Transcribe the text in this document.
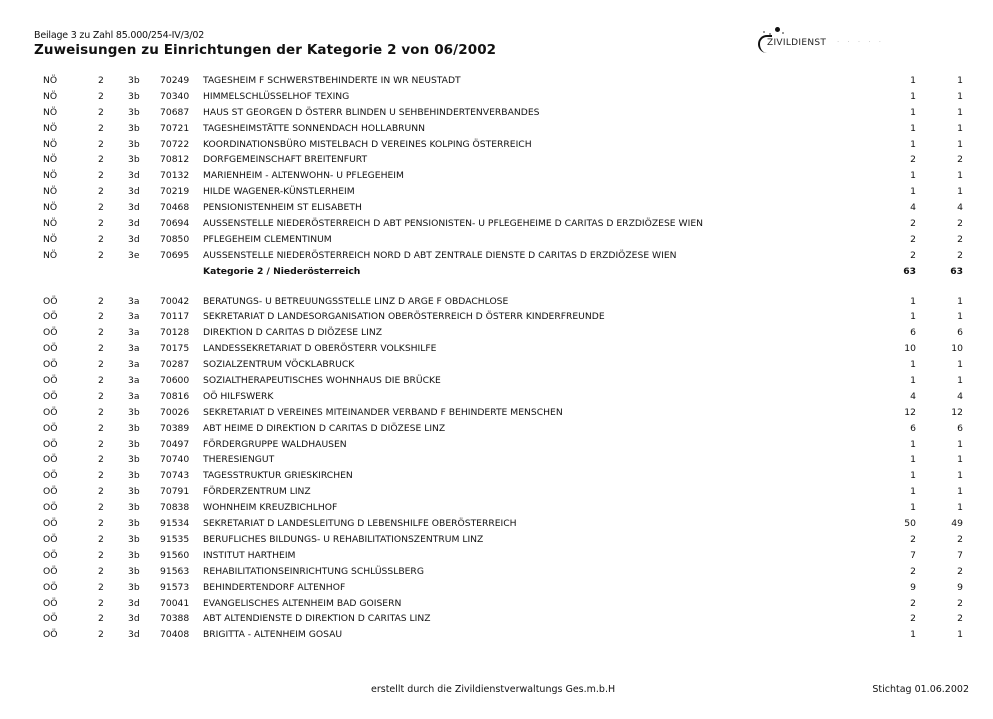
Beilage 3 zu Zahl 85.000/254-IV/3/02
Zuweisungen zu Einrichtungen der Kategorie 2 von 06/2002	ZIVILDIENST · · · · ·
NÖ	2	3b 70249 TAGESHEIM F SCHWERSTBEHINDERTE IN WR NEUSTADT	1	1
NÖ	2	3b 70340 HIMMELSCHLÜSSELHOF TEXING	1	1
NÖ	2	3b 70687 HAUS ST GEORGEN D ÖSTERR BLINDEN U SEHBEHINDERTENVERBANDES	1	1
NÖ	2	3b 70721 TAGESHEIMSTÄTTE SONNENDACH HOLLABRUNN	1	1
NÖ	2	3b 70722 KOORDINATIONSBÜRO MISTELBACH D VEREINES KOLPING ÖSTERREICH	1	1
NÖ	2	3b 70812 DORFGEMEINSCHAFT BREITENFURT	2	2
NÖ	2	3d 70132 MARIENHEIM - ALTENWOHN- U PFLEGEHEIM	1	1
NÖ	2	3d 70219 HILDE WAGENER-KÜNSTLERHEIM	1	1
NÖ	2	3d 70468 PENSIONISTENHEIM ST ELISABETH	4	4
NÖ	2	3d 70694 AUSSENSTELLE NIEDERÖSTERREICH D ABT PENSIONISTEN- U PFLEGEHEIME D CARITAS D ERZDIÖZESE WIEN	2	2
NÖ	2	3d 70850 PFLEGEHEIM CLEMENTINUM	2	2
NÖ	2	3e 70695 AUSSENSTELLE NIEDERÖSTERREICH NORD D ABT ZENTRALE DIENSTE D CARITAS D ERZDIÖZESE WIEN	2	2
Kategorie 2 / Niederösterreich	63	63
OÖ	2	3a 70042 BERATUNGS- U BETREUUNGSSTELLE LINZ D ARGE F OBDACHLOSE	1	1
OÖ	2	3a 70117 SEKRETARIAT D LANDESORGANISATION OBERÖSTERREICH D ÖSTERR KINDERFREUNDE	1	1
OÖ	2	3a 70128 DIREKTION D CARITAS D DIÖZESE LINZ	6	6
OÖ	2	3a 70175 LANDESSEKRETARIAT D OBERÖSTERR VOLKSHILFE	10	10
OÖ	2	3a 70287 SOZIALZENTRUM VÖCKLABRUCK	1	1
OÖ	2	3a 70600 SOZIALTHERAPEUTISCHES WOHNHAUS DIE BRÜCKE	1	1
OÖ	2	3a 70816 OÖ HILFSWERK	4	4
OÖ	2	3b 70026 SEKRETARIAT D VEREINES MITEINANDER VERBAND F BEHINDERTE MENSCHEN	12	12
OÖ	2	3b 70389 ABT HEIME D DIREKTION D CARITAS D DIÖZESE LINZ	6	6
OÖ	2	3b 70497 FÖRDERGRUPPE WALDHAUSEN	1	1
OÖ	2	3b 70740 THERESIENGUT	1	1
OÖ	2	3b 70743 TAGESSTRUKTUR GRIESKIRCHEN	1	1
OÖ	2	3b 70791 FÖRDERZENTRUM LINZ	1	1
OÖ	2	3b 70838 WOHNHEIM KREUZBICHLHOF	1	1
OÖ	2	3b 91534 SEKRETARIAT D LANDESLEITUNG D LEBENSHILFE OBERÖSTERREICH	50	49
OÖ	2	3b 91535 BERUFLICHES BILDUNGS- U REHABILITATIONSZENTRUM LINZ	2	2
OÖ	2	3b 91560 INSTITUT HARTHEIM	7	7
OÖ	2	3b 91563 REHABILITATIONSEINRICHTUNG SCHLÜSSLBERG	2	2
OÖ	2	3b 91573 BEHINDERTENDORF ALTENHOF	9	9
OÖ	2	3d 70041 EVANGELISCHES ALTENHEIM BAD GOISERN	2	2
OÖ	2	3d 70388 ABT ALTENDIENSTE D DIREKTION D CARITAS LINZ	2	2
OÖ	2	3d 70408 BRIGITTA - ALTENHEIM GOSAU	1	1
erstellt durch die Zivildienstverwaltungs Ges.m.b.H	Stichtag 01.06.2002
